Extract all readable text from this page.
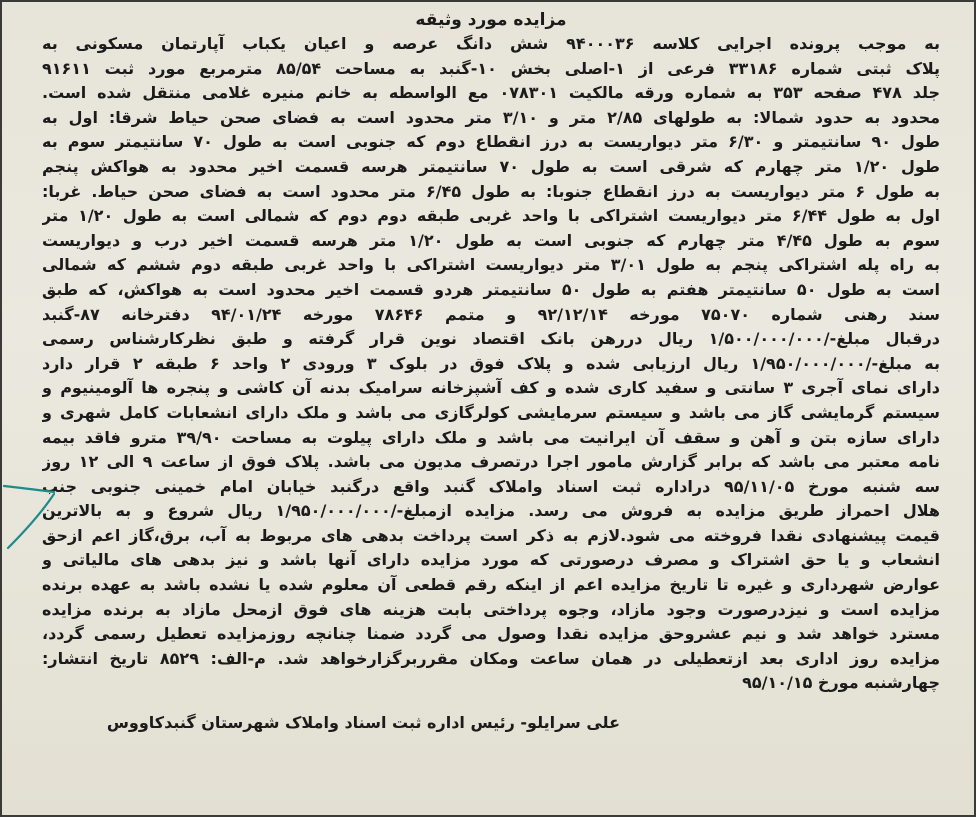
مزایده مورد وثیقه
به موجب پرونده اجرایی کلاسه ۹۴۰۰۰۳۶ شش دانگ عرصه و اعیان یکباب آپارتمان مسکونی به
پلاک ثبتی شماره ۳۳۱۸۶ فرعی از ۱-اصلی بخش ۱۰-گنبد به مساحت ۸۵/۵۴ مترمربع مورد ثبت ۹۱۶۱۱
جلد ۴۷۸ صفحه ۳۵۳ به شماره ورقه مالکیت ۰۷۸۳۰۱ مع الواسطه به خانم منیره غلامی منتقل شده است.
محدود به حدود شمالا: به طولهای ۲/۸۵ متر و ۳/۱۰ متر محدود است به فضای صحن حیاط شرقا: اول به
طول ۹۰ سانتیمتر و ۶/۳۰ متر دیواریست به درز انقطاع دوم که جنوبی است به طول ۷۰ سانتیمتر سوم به
طول ۱/۲۰ متر چهارم که شرقی است به طول ۷۰ سانتیمتر هرسه قسمت اخیر محدود به هواکش پنجم
به طول ۶ متر دیواریست به درز انقطاع جنوبا: به طول ۶/۴۵ متر محدود است به فضای صحن حیاط. غربا:
اول به طول ۶/۴۴ متر دیواریست اشتراکی با واحد غربی طبقه دوم دوم که شمالی است به طول ۱/۲۰ متر
سوم به طول ۴/۴۵ متر چهارم که جنوبی است به طول ۱/۲۰ متر هرسه قسمت اخیر درب و دیواریست
به راه پله اشتراکی پنجم به طول ۳/۰۱ متر دیواریست اشتراکی با واحد غربی طبقه دوم ششم که شمالی
است به طول ۵۰ سانتیمتر هفتم به طول ۵۰ سانتیمتر هردو قسمت اخیر محدود است به هواکش، که طبق
سند رهنی شماره ۷۵۰۷۰ مورخه ۹۲/۱۲/۱۴ و متمم ۷۸۶۴۶ مورخه ۹۴/۰۱/۲۴ دفترخانه ۸۷-گنبد
درقبال مبلغ-/۱/۵۰۰/۰۰۰/۰۰۰ ریال دررهن بانک اقتصاد نوین قرار گرفته و طبق نظرکارشناس رسمی
به مبلغ-/۱/۹۵۰/۰۰۰/۰۰۰ ریال ارزیابی شده و پلاک فوق در بلوک ۳ ورودی ۲ واحد ۶ طبقه ۲ قرار دارد
دارای نمای آجری ۳ سانتی و سفید کاری شده و کف آشپزخانه سرامیک بدنه آن کاشی و پنجره ها آلومینیوم و
سیستم گرمایشی گاز می باشد و سیستم سرمایشی کولرگازی می باشد و ملک دارای انشعابات کامل شهری و
دارای سازه بتن و آهن و سقف آن ایرانیت می باشد و ملک دارای پیلوت به مساحت ۳۹/۹۰ مترو فاقد بیمه
نامه معتبر می باشد که برابر گزارش مامور اجرا درتصرف مدیون می باشد. پلاک فوق از ساعت ۹ الی ۱۲ روز
سه شنبه مورخ ۹۵/۱۱/۰۵ دراداره ثبت اسناد واملاک گنبد واقع درگنبد خیابان امام خمینی جنوبی جنب
هلال احمراز طریق مزایده به فروش می رسد. مزایده ازمبلغ-/۱/۹۵۰/۰۰۰/۰۰۰ ریال شروع و به بالاترین
قیمت پیشنهادی نقدا فروخته می شود.لازم به ذکر است پرداخت بدهی های مربوط به آب، برق،گاز اعم ازحق
انشعاب و یا حق اشتراک و مصرف درصورتی که مورد مزایده دارای آنها باشد و نیز بدهی های مالیاتی و
عوارض شهرداری و غیره تا تاریخ مزایده اعم از اینکه رقم قطعی آن معلوم شده یا نشده باشد به عهده برنده
مزایده است و نیزدرصورت وجود مازاد، وجوه پرداختی بابت هزینه های فوق ازمحل مازاد به برنده مزایده
مسترد خواهد شد و نیم عشروحق مزایده نقدا وصول می گردد ضمنا چنانچه روزمزایده تعطیل رسمی گردد،
مزایده روز اداری بعد ازتعطیلی در همان ساعت ومکان مقرربرگزارخواهد شد. م-الف: ۸۵۲۹ تاریخ انتشار:
چهارشنبه مورخ ۹۵/۱۰/۱۵
علی سرایلو- رئیس اداره ثبت اسناد واملاک شهرستان گنبدکاووس
